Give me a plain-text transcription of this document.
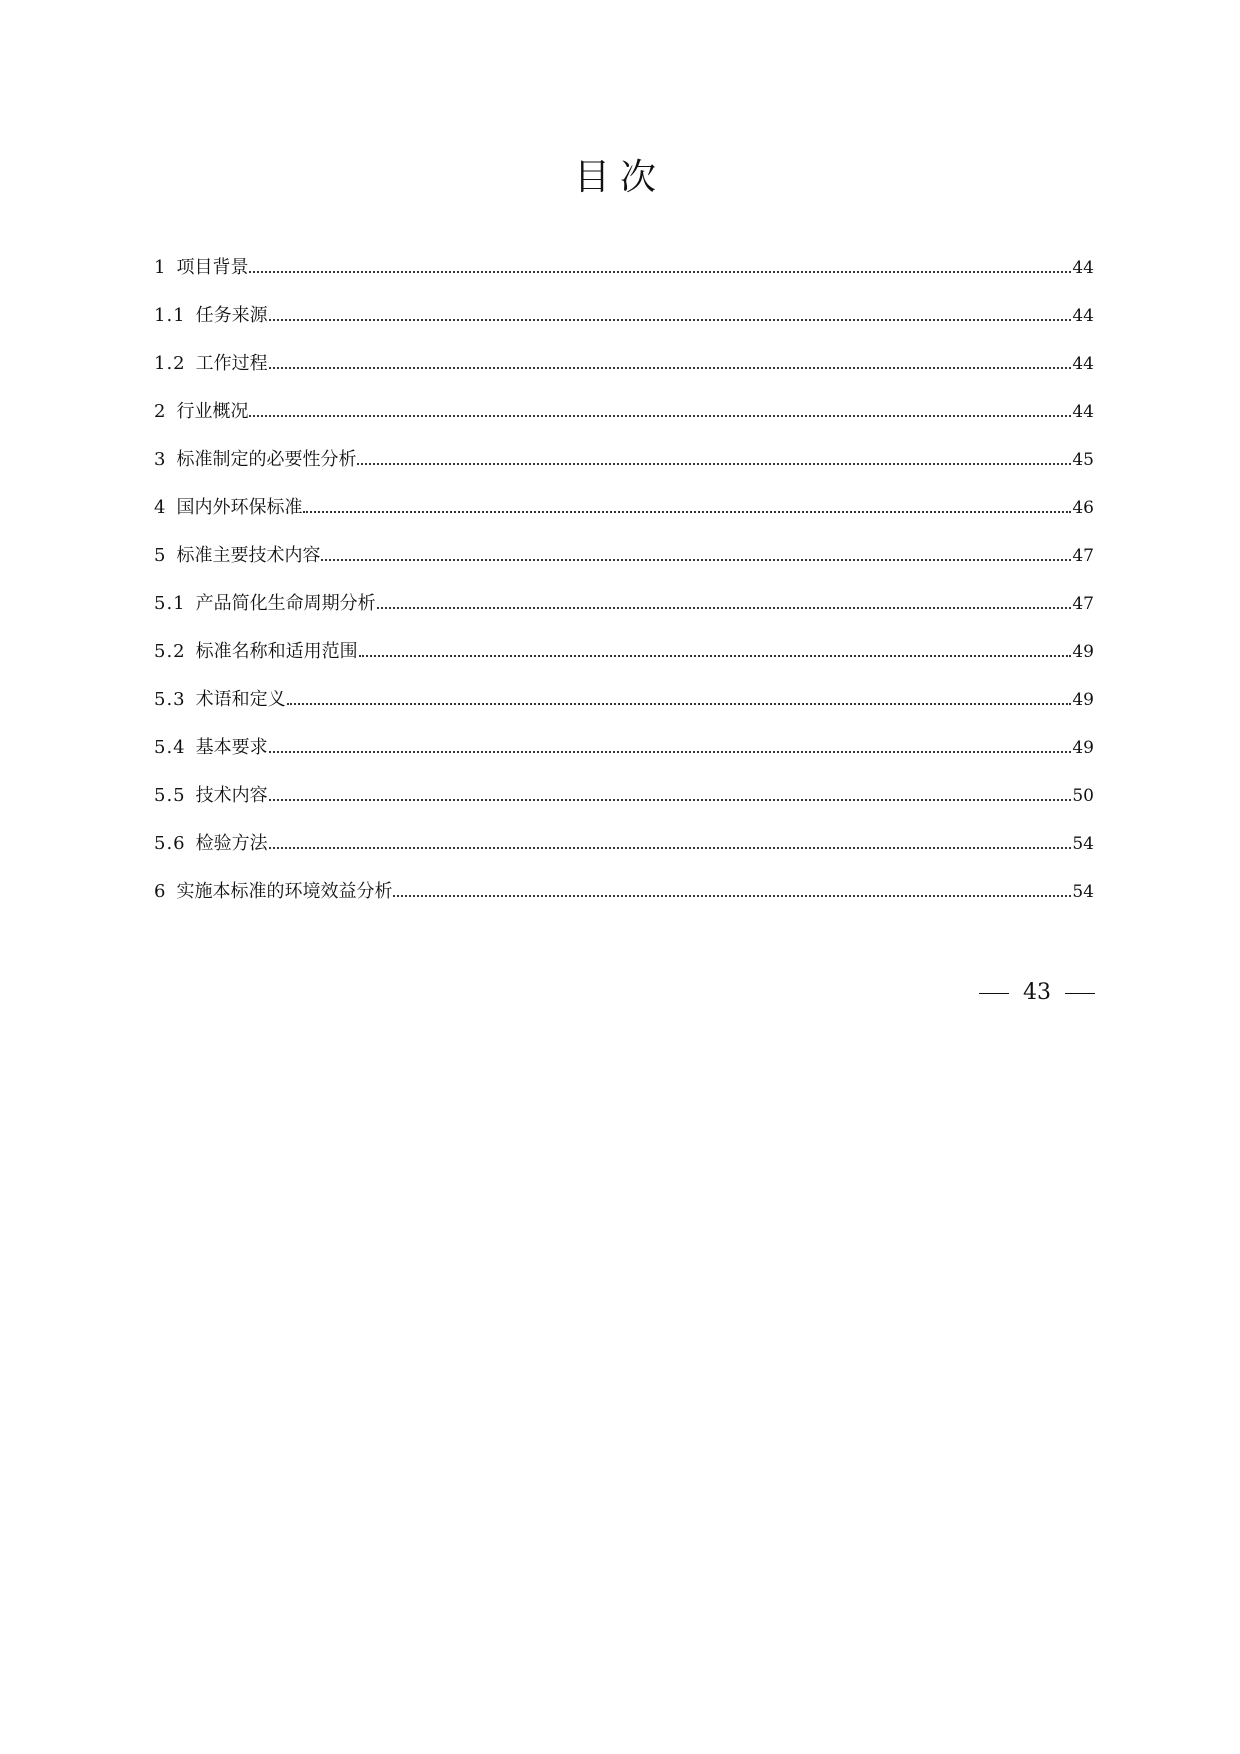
目次
1 项目背景	44
1.1 任务来源	44
1.2 工作过程	44
2 行业概况	44
3 标准制定的必要性分析	45
4 国内外环保标准	46
5 标准主要技术内容	47
5.1 产品简化生命周期分析	47
5.2 标准名称和适用范围	49
5.3 术语和定义	49
5.4 基本要求	49
5.5 技术内容	50
5.6 检验方法	54
6 实施本标准的环境效益分析	54
43
